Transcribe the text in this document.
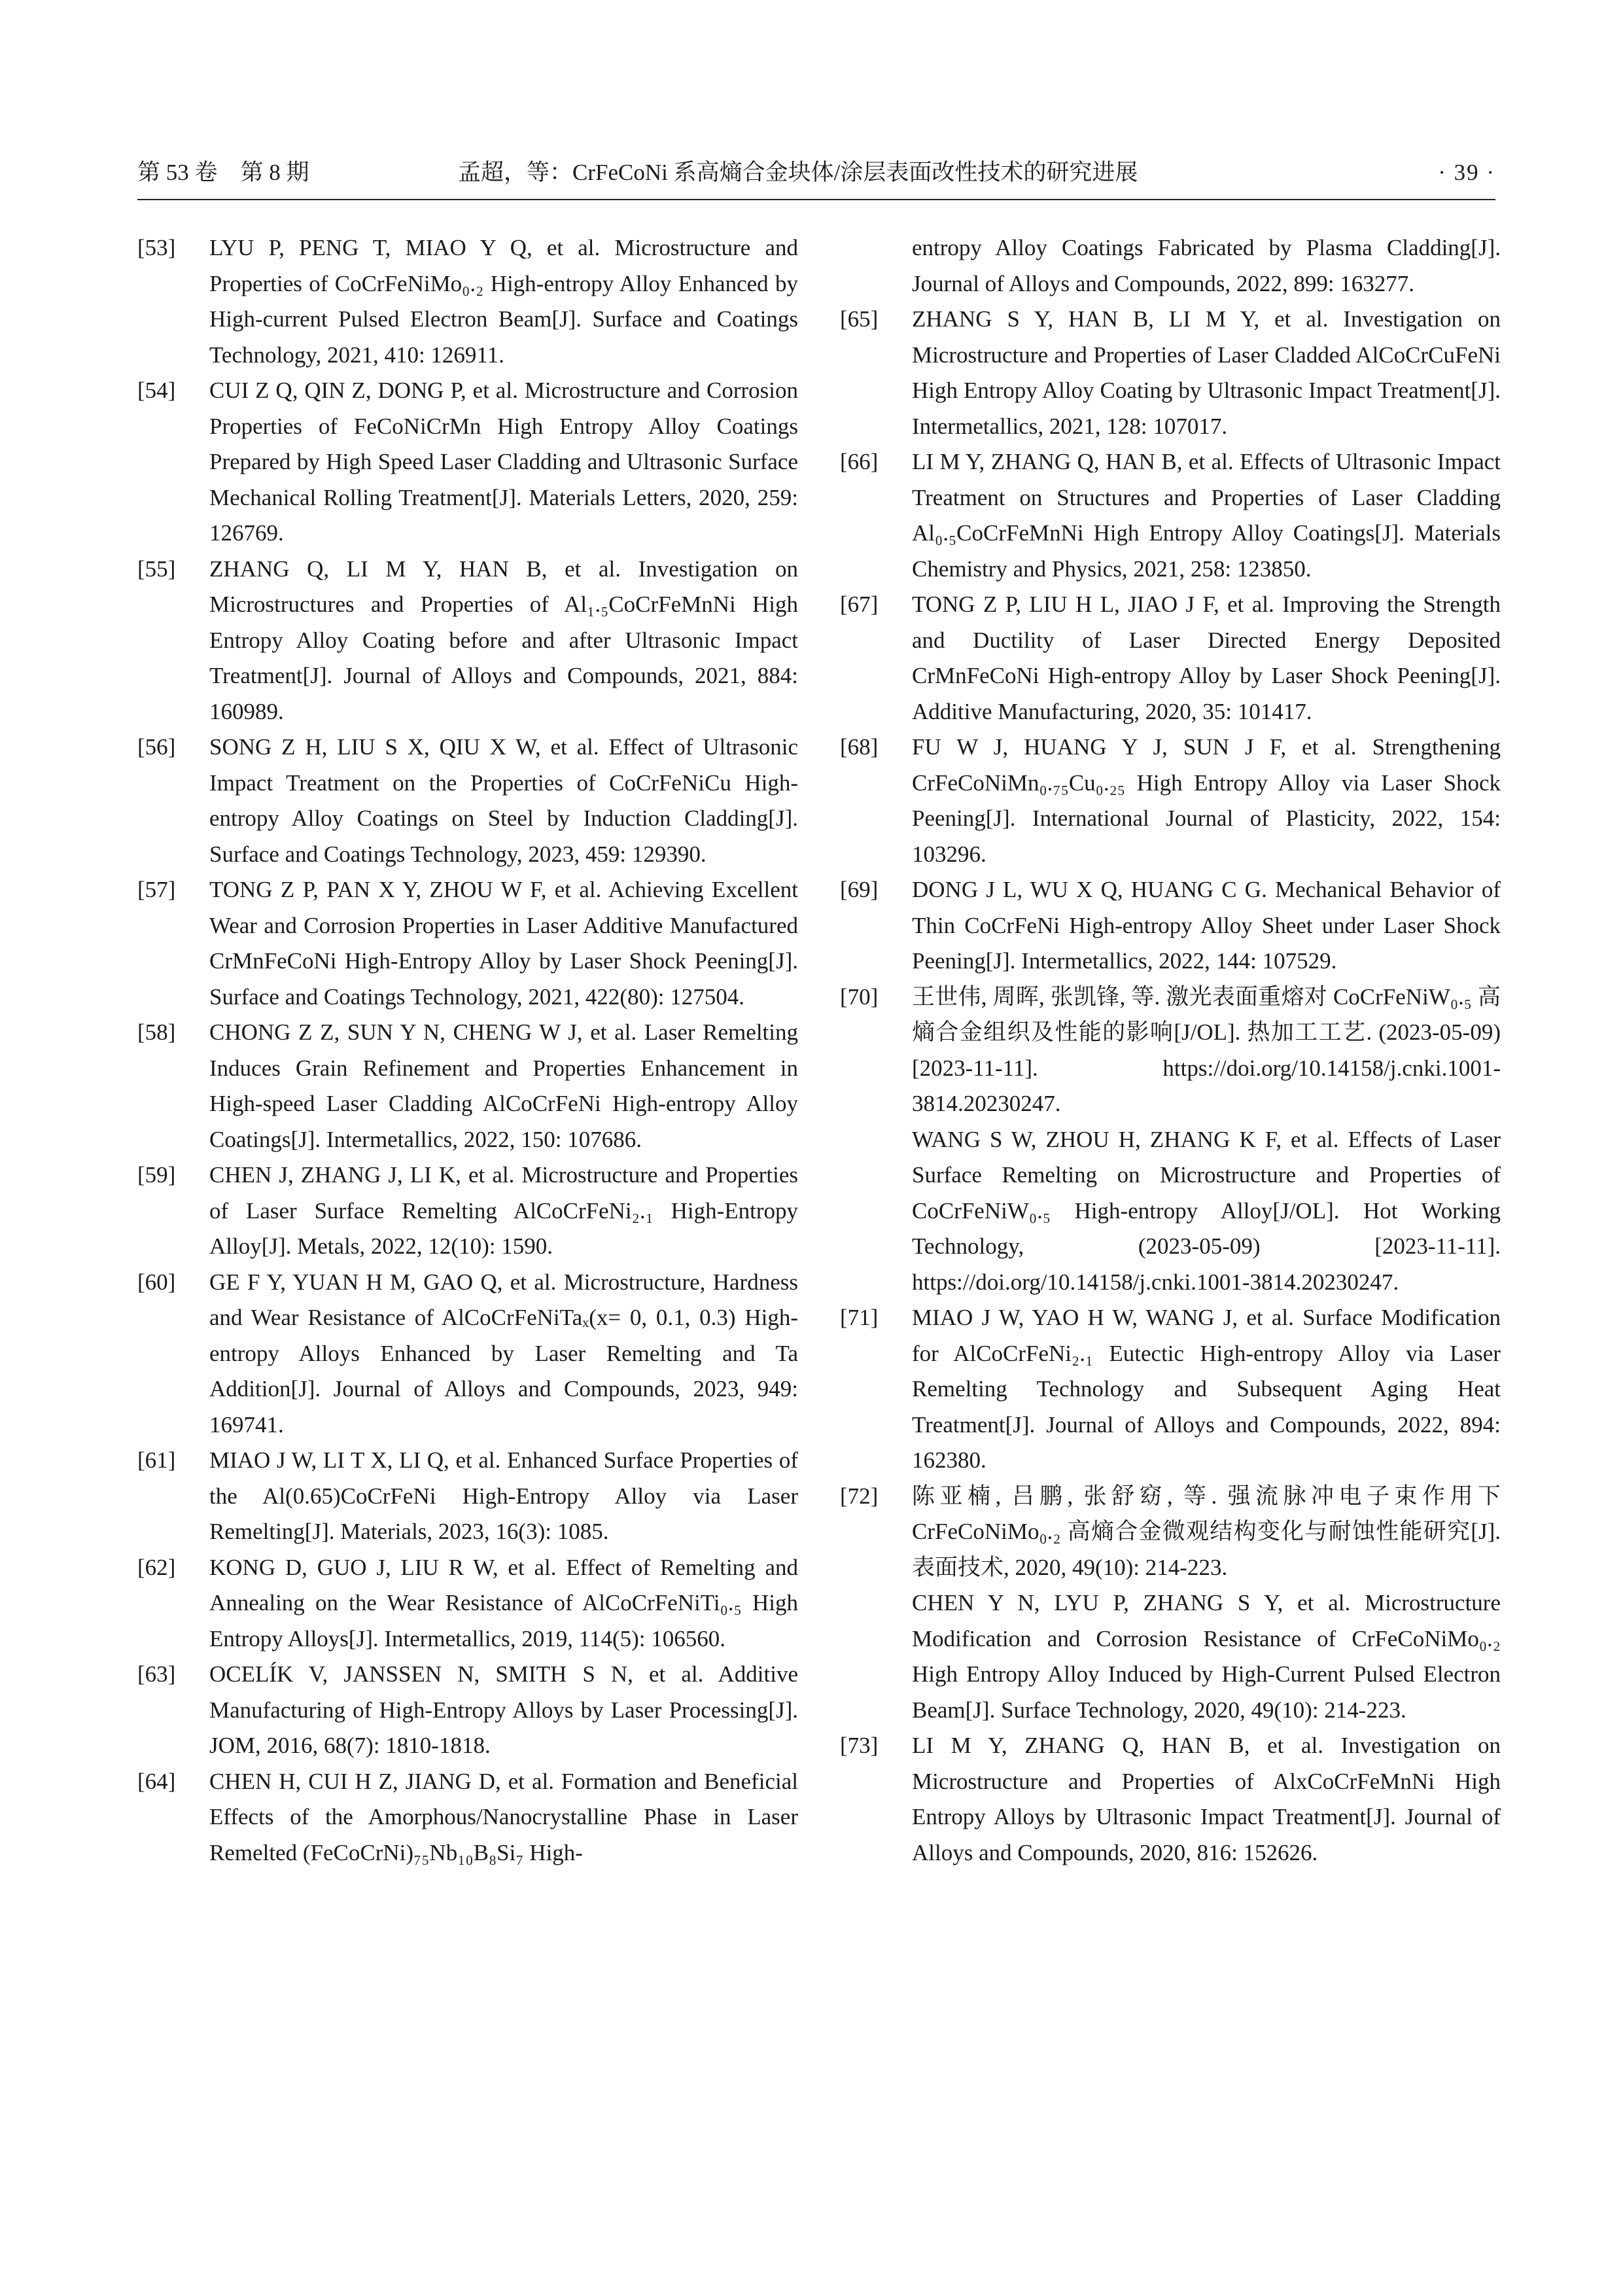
第 53 卷　第 8 期	孟超，等：CrFeCoNi 系高熵合金块体/涂层表面改性技术的研究进展	· 39 ·
[53] LYU P, PENG T, MIAO Y Q, et al. Microstructure and Properties of CoCrFeNiMo₀.₂ High-entropy Alloy Enhanced by High-current Pulsed Electron Beam[J]. Surface and Coatings Technology, 2021, 410: 126911.
[54] CUI Z Q, QIN Z, DONG P, et al. Microstructure and Corrosion Properties of FeCoNiCrMn High Entropy Alloy Coatings Prepared by High Speed Laser Cladding and Ultrasonic Surface Mechanical Rolling Treatment[J]. Materials Letters, 2020, 259: 126769.
[55] ZHANG Q, LI M Y, HAN B, et al. Investigation on Microstructures and Properties of Al₁.₅CoCrFeMnNi High Entropy Alloy Coating before and after Ultrasonic Impact Treatment[J]. Journal of Alloys and Compounds, 2021, 884: 160989.
[56] SONG Z H, LIU S X, QIU X W, et al. Effect of Ultrasonic Impact Treatment on the Properties of CoCrFeNiCu High-entropy Alloy Coatings on Steel by Induction Cladding[J]. Surface and Coatings Technology, 2023, 459: 129390.
[57] TONG Z P, PAN X Y, ZHOU W F, et al. Achieving Excellent Wear and Corrosion Properties in Laser Additive Manufactured CrMnFeCoNi High-Entropy Alloy by Laser Shock Peening[J]. Surface and Coatings Technology, 2021, 422(80): 127504.
[58] CHONG Z Z, SUN Y N, CHENG W J, et al. Laser Remelting Induces Grain Refinement and Properties Enhancement in High-speed Laser Cladding AlCoCrFeNi High-entropy Alloy Coatings[J]. Intermetallics, 2022, 150: 107686.
[59] CHEN J, ZHANG J, LI K, et al. Microstructure and Properties of Laser Surface Remelting AlCoCrFeNi₂.₁ High-Entropy Alloy[J]. Metals, 2022, 12(10): 1590.
[60] GE F Y, YUAN H M, GAO Q, et al. Microstructure, Hardness and Wear Resistance of AlCoCrFeNiTaₓ(x= 0, 0.1, 0.3) High-entropy Alloys Enhanced by Laser Remelting and Ta Addition[J]. Journal of Alloys and Compounds, 2023, 949: 169741.
[61] MIAO J W, LI T X, LI Q, et al. Enhanced Surface Properties of the Al(0.65)CoCrFeNi High-Entropy Alloy via Laser Remelting[J]. Materials, 2023, 16(3): 1085.
[62] KONG D, GUO J, LIU R W, et al. Effect of Remelting and Annealing on the Wear Resistance of AlCoCrFeNiTi₀.₅ High Entropy Alloys[J]. Intermetallics, 2019, 114(5): 106560.
[63] OCELÍK V, JANSSEN N, SMITH S N, et al. Additive Manufacturing of High-Entropy Alloys by Laser Processing[J]. JOM, 2016, 68(7): 1810-1818.
[64] CHEN H, CUI H Z, JIANG D, et al. Formation and Beneficial Effects of the Amorphous/Nanocrystalline Phase in Laser Remelted (FeCoCrNi)₇₅Nb₁₀B₈Si₇ High-
entropy Alloy Coatings Fabricated by Plasma Cladding[J]. Journal of Alloys and Compounds, 2022, 899: 163277.
[65] ZHANG S Y, HAN B, LI M Y, et al. Investigation on Microstructure and Properties of Laser Cladded AlCoCrCuFeNi High Entropy Alloy Coating by Ultrasonic Impact Treatment[J]. Intermetallics, 2021, 128: 107017.
[66] LI M Y, ZHANG Q, HAN B, et al. Effects of Ultrasonic Impact Treatment on Structures and Properties of Laser Cladding Al₀.₅CoCrFeMnNi High Entropy Alloy Coatings[J]. Materials Chemistry and Physics, 2021, 258: 123850.
[67] TONG Z P, LIU H L, JIAO J F, et al. Improving the Strength and Ductility of Laser Directed Energy Deposited CrMnFeCoNi High-entropy Alloy by Laser Shock Peening[J]. Additive Manufacturing, 2020, 35: 101417.
[68] FU W J, HUANG Y J, SUN J F, et al. Strengthening CrFeCoNiMn₀.₇₅Cu₀.₂₅ High Entropy Alloy via Laser Shock Peening[J]. International Journal of Plasticity, 2022, 154: 103296.
[69] DONG J L, WU X Q, HUANG C G. Mechanical Behavior of Thin CoCrFeNi High-entropy Alloy Sheet under Laser Shock Peening[J]. Intermetallics, 2022, 144: 107529.
[70] 王世伟, 周晖, 张凯锋, 等. 激光表面重熔对 CoCrFeNiW₀.₅ 高熵合金组织及性能的影响[J/OL]. 热加工工艺. (2023-05-09) [2023-11-11]. https://doi.org/10.14158/j.cnki.1001-3814.20230247.
WANG S W, ZHOU H, ZHANG K F, et al. Effects of Laser Surface Remelting on Microstructure and Properties of CoCrFeNiW₀.₅ High-entropy Alloy[J/OL]. Hot Working Technology, (2023-05-09) [2023-11-11]. https://doi.org/10.14158/j.cnki.1001-3814.20230247.
[71] MIAO J W, YAO H W, WANG J, et al. Surface Modification for AlCoCrFeNi₂.₁ Eutectic High-entropy Alloy via Laser Remelting Technology and Subsequent Aging Heat Treatment[J]. Journal of Alloys and Compounds, 2022, 894: 162380.
[72] 陈亚楠, 吕鹏, 张舒窈, 等. 强流脉冲电子束作用下 CrFeCoNiMo₀.₂ 高熵合金微观结构变化与耐蚀性能研究[J]. 表面技术, 2020, 49(10): 214-223.
CHEN Y N, LYU P, ZHANG S Y, et al. Microstructure Modification and Corrosion Resistance of CrFeCoNiMo₀.₂ High Entropy Alloy Induced by High-Current Pulsed Electron Beam[J]. Surface Technology, 2020, 49(10): 214-223.
[73] LI M Y, ZHANG Q, HAN B, et al. Investigation on Microstructure and Properties of AlxCoCrFeMnNi High Entropy Alloys by Ultrasonic Impact Treatment[J]. Journal of Alloys and Compounds, 2020, 816: 152626.
